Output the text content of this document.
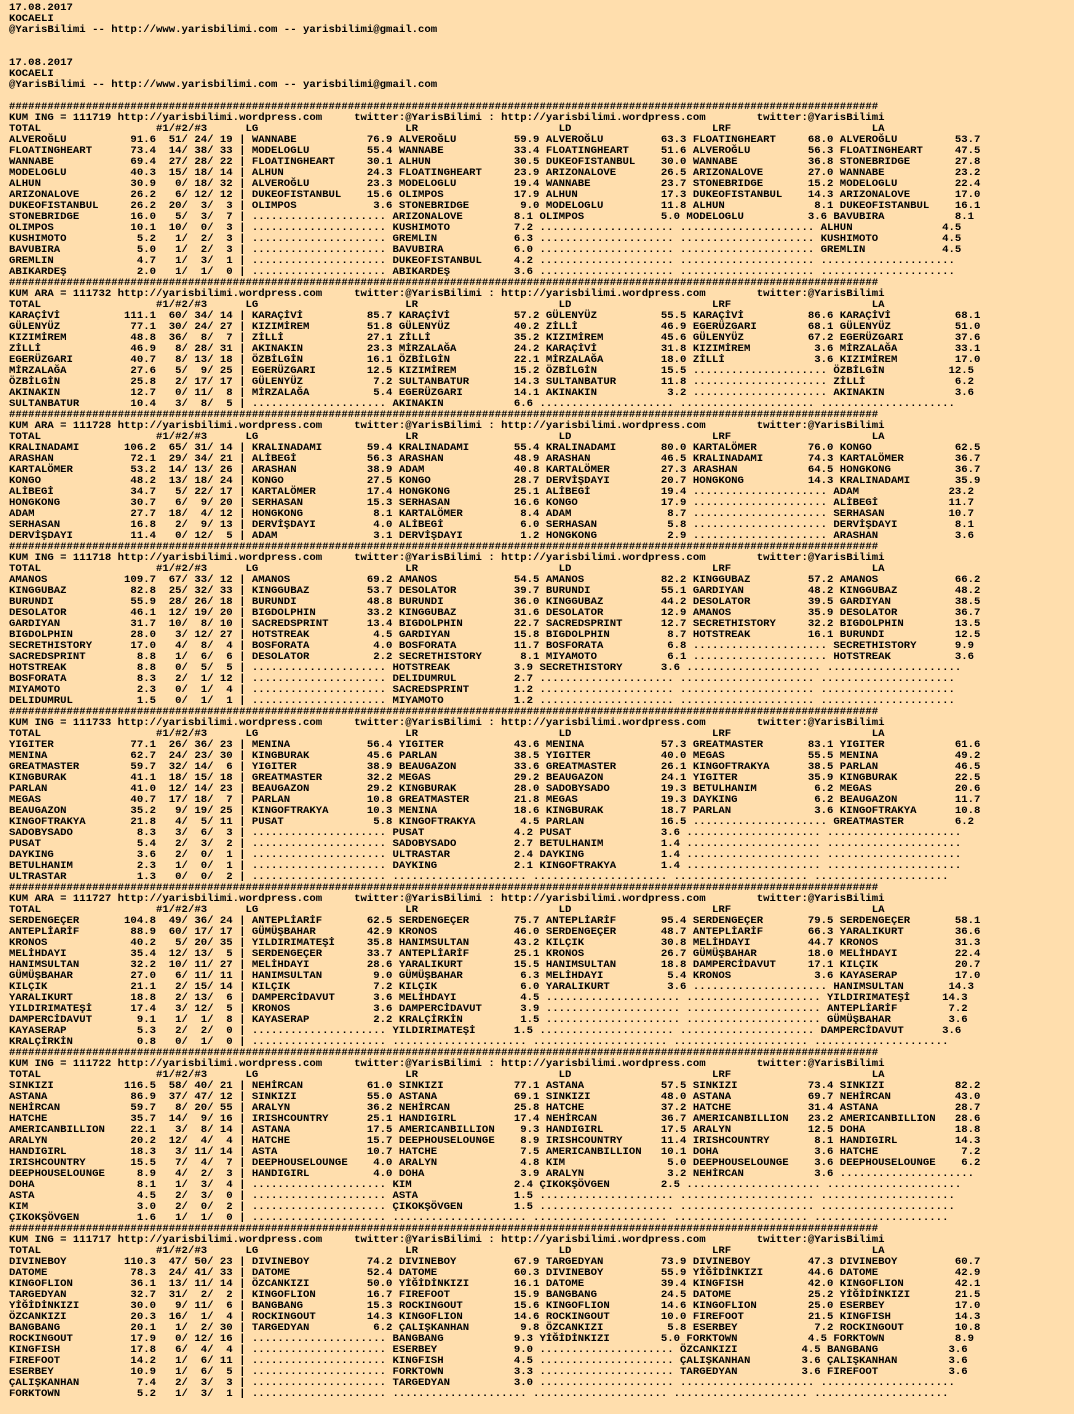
17.08.2017
KOCAELI
@YarisBilimi -- http://www.yarisbilimi.com -- yarisbilimi@gmail.com
17.08.2017
KOCAELI
@YarisBilimi -- http://www.yarisbilimi.com -- yarisbilimi@gmail.com
########################################################################################################################################
KUM ING = 111719 http://yarisbilimi.wordpress.com     twitter:@YarisBilimi : http://yarisbilimi.wordpress.com        twitter:@YarisBilimi
TOTAL                  #1/#2/#3      LG                       LR                      LD                      LRF                      LA
ALVEROĞLU          91.6  51/ 24/ 19 | WANNABE           76.9 ALVEROĞLU         59.9 ALVEROĞLU         63.3 FLOATINGHEART     68.0 ALVEROĞLU         53.7
FLOATINGHEART      73.4  14/ 38/ 33 | MODELOGLU         55.4 WANNABE           33.4 FLOATINGHEART     51.6 ALVEROĞLU         56.3 FLOATINGHEART     47.5
WANNABE            69.4  27/ 28/ 22 | FLOATINGHEART     30.1 ALHUN             30.5 DUKEOFISTANBUL    30.0 WANNABE           36.8 STONEBRIDGE       27.8
MODELOGLU          40.3  15/ 18/ 14 | ALHUN             24.3 FLOATINGHEART     23.9 ARIZONALOVE       26.5 ARIZONALOVE       27.0 WANNABE           23.2
ALHUN              30.9   0/ 18/ 32 | ALVEROĞLU         23.3 MODELOGLU         19.4 WANNABE           23.7 STONEBRIDGE       15.2 MODELOGLU         22.4
ARIZONALOVE        26.2   6/ 12/ 12 | DUKEOFISTANBUL    15.6 OLIMPOS           17.9 ALHUN             17.3 DUKEOFISTANBUL    14.3 ARIZONALOVE       17.0
DUKEOFISTANBUL     26.2  20/  3/  3 | OLIMPOS            3.6 STONEBRIDGE        9.0 MODELOGLU         11.8 ALHUN              8.1 DUKEOFISTANBUL    16.1
STONEBRIDGE        16.0   5/  3/  7 | ..................... ARIZONALOVE        8.1 OLIMPOS            5.0 MODELOGLU          3.6 BAVUBIRA           8.1
OLIMPOS            10.1  10/  0/  3 | ..................... KUSHIMOTO          7.2 ..................... ..................... ALHUN              4.5
KUSHIMOTO           5.2   1/  2/  3 | ..................... GREMLIN            6.3 ..................... ..................... KUSHIMOTO          4.5
BAVUBIRA            5.0   1/  2/  3 | ..................... BAVUBIRA           6.0 ..................... ..................... GREMLIN            4.5
GREMLIN             4.7   1/  3/  1 | ..................... DUKEOFISTANBUL     4.2 ..................... ..................... .....................
ABIKARDEŞ           2.0   1/  1/  0 | ..................... ABIKARDEŞ          3.6 ..................... ..................... .....................
########################################################################################################################################
KUM ARA = 111732 http://yarisbilimi.wordpress.com     twitter:@YarisBilimi : http://yarisbilimi.wordpress.com        twitter:@YarisBilimi
TOTAL                  #1/#2/#3      LG                       LR                      LD                      LRF                      LA
KARAÇİVİ          111.1  60/ 34/ 14 | KARAÇİVİ          85.7 KARAÇİVİ          57.2 GÜLENYÜZ          55.5 KARAÇİVİ          86.6 KARAÇİVİ          68.1
GÜLENYÜZ           77.1  30/ 24/ 27 | KIZIMİREM         51.8 GÜLENYÜZ          40.2 ZİLLİ             46.9 EGERÜZGARI        68.1 GÜLENYÜZ          51.0
KIZIMİREM          48.8  36/  8/  7 | ZİLLİ             27.1 ZİLLİ             35.2 KIZIMİREM         45.6 GÜLENYÜZ          67.2 EGERÜZGARI        37.6
ZİLLİ              46.9   8/ 28/ 31 | AKINAKIN          23.3 MİRZALAĞA         24.2 KARAÇİVİ          31.8 KIZIMİREM          3.6 MİRZALAĞA         33.1
EGERÜZGARI         40.7   8/ 13/ 18 | ÖZBİLGİN          16.1 ÖZBİLGİN          22.1 MİRZALAĞA         18.0 ZİLLİ              3.6 KIZIMİREM         17.0
MİRZALAĞA          27.6   5/  9/ 25 | EGERÜZGARI        12.5 KIZIMİREM         15.2 ÖZBİLGİN          15.5 ..................... ÖZBİLGİN          12.5
ÖZBİLGİN           25.8   2/ 17/ 17 | GÜLENYÜZ           7.2 SULTANBATUR       14.3 SULTANBATUR       11.8 ..................... ZİLLİ              6.2
AKINAKIN           12.7   0/ 11/  8 | MİRZALAĞA          5.4 EGERÜZGARI        14.1 AKINAKIN           3.2 ..................... AKINAKIN           3.6
SULTANBATUR        10.4   3/  8/  5 | ..................... AKINAKIN           6.6 ..................... ..................... .....................
########################################################################################################################################
KUM ARA = 111728 http://yarisbilimi.wordpress.com     twitter:@YarisBilimi : http://yarisbilimi.wordpress.com        twitter:@YarisBilimi
TOTAL                  #1/#2/#3      LG                       LR                      LD                      LRF                      LA
KRALINADAMI       106.2  65/ 31/ 14 | KRALINADAMI       59.4 KRALINADAMI       55.4 KRALINADAMI       80.0 KARTALÖMER        76.0 KONGO             62.5
ARASHAN            72.1  29/ 34/ 21 | ALİBEGİ           56.3 ARASHAN           48.9 ARASHAN           46.5 KRALINADAMI       74.3 KARTALÖMER        36.7
KARTALÖMER         53.2  14/ 13/ 26 | ARASHAN           38.9 ADAM              40.8 KARTALÖMER        27.3 ARASHAN           64.5 HONGKONG          36.7
KONGO              48.2  13/ 18/ 24 | KONGO             27.5 KONGO             28.7 DERVİŞDAYI        20.7 HONGKONG          14.3 KRALINADAMI       35.9
ALİBEGİ            34.7   5/ 22/ 17 | KARTALÖMER        17.4 HONGKONG          25.1 ALİBEGİ           19.4 ..................... ADAM              23.2
HONGKONG           30.7   6/  9/ 20 | SERHASAN          15.3 SERHASAN          16.6 KONGO             17.9 ..................... ALİBEGİ           11.7
ADAM               27.7  18/  4/ 12 | HONGKONG           8.1 KARTALÖMER         8.4 ADAM               8.7 ..................... SERHASAN          10.7
SERHASAN           16.8   2/  9/ 13 | DERVİŞDAYI         4.0 ALİBEGİ            6.0 SERHASAN           5.8 ..................... DERVİŞDAYI         8.1
DERVİŞDAYI         11.4   0/ 12/  5 | ADAM               3.1 DERVİŞDAYI         1.2 HONGKONG           2.9 ..................... ARASHAN            3.6
########################################################################################################################################
KUM ING = 111718 http://yarisbilimi.wordpress.com     twitter:@YarisBilimi : http://yarisbilimi.wordpress.com        twitter:@YarisBilimi
TOTAL                  #1/#2/#3      LG                       LR                      LD                      LRF                      LA
AMANOS            109.7  67/ 33/ 12 | AMANOS            69.2 AMANOS            54.5 AMANOS            82.2 KINGGUBAZ         57.2 AMANOS            66.2
KINGGUBAZ          82.8  25/ 32/ 33 | KINGGUBAZ         53.7 DESOLATOR         39.7 BURUNDI           55.1 GARDIYAN          48.2 KINGGUBAZ         48.2
BURUNDI            55.9  28/ 26/ 18 | BURUNDI           48.8 BURUNDI           36.0 KINGGUBAZ         44.2 DESOLATOR         39.5 GARDIYAN          38.5
DESOLATOR          46.1  12/ 19/ 20 | BIGDOLPHIN        33.2 KINGGUBAZ         31.6 DESOLATOR         12.9 AMANOS            35.9 DESOLATOR         36.7
GARDIYAN           31.7  10/  8/ 10 | SACREDSPRINT      13.4 BIGDOLPHIN        22.7 SACREDSPRINT      12.7 SECRETHISTORY     32.2 BIGDOLPHIN        13.5
BIGDOLPHIN         28.0   3/ 12/ 27 | HOTSTREAK          4.5 GARDIYAN          15.8 BIGDOLPHIN         8.7 HOTSTREAK         16.1 BURUNDI           12.5
SECRETHISTORY      17.0   4/  8/  4 | BOSFORATA          4.0 BOSFORATA         11.7 BOSFORATA          6.8 ..................... SECRETHISTORY      9.9
SACREDSPRINT        8.8   1/  6/  6 | DESOLATOR          2.2 SECRETHISTORY      8.1 MIYAMOTO           6.1 ..................... HOTSTREAK          3.6
HOTSTREAK           8.8   0/  5/  5 | ..................... HOTSTREAK          3.9 SECRETHISTORY      3.6 ..................... .....................
BOSFORATA           8.3   2/  1/ 12 | ..................... DELIDUMRUL         2.7 ..................... ..................... .....................
MIYAMOTO            2.3   0/  1/  4 | ..................... SACREDSPRINT       1.2 ..................... ..................... .....................
DELIDUMRUL          1.5   0/  1/  1 | ..................... MIYAMOTO           1.2 ..................... ..................... .....................
########################################################################################################################################
KUM ING = 111733 http://yarisbilimi.wordpress.com     twitter:@YarisBilimi : http://yarisbilimi.wordpress.com        twitter:@YarisBilimi
TOTAL                  #1/#2/#3      LG                       LR                      LD                      LRF                      LA
YIGITER            77.1  26/ 36/ 23 | MENINA            56.4 YIGITER           43.6 MENINA            57.3 GREATMASTER       83.1 YIGITER           61.6
MENINA             62.7  24/ 23/ 30 | KINGBURAK         45.6 PARLAN            38.5 YIGITER           40.0 MEGAS             55.5 MENINA            49.2
GREATMASTER        59.7  32/ 14/  6 | YIGITER           38.9 BEAUGAZON         33.6 GREATMASTER       26.1 KINGOFTRAKYA      38.5 PARLAN            46.5
KINGBURAK          41.1  18/ 15/ 18 | GREATMASTER       32.2 MEGAS             29.2 BEAUGAZON         24.1 YIGITER           35.9 KINGBURAK         22.5
PARLAN             41.0  12/ 14/ 23 | BEAUGAZON         29.2 KINGBURAK         28.0 SADOBYSADO        19.3 BETULHANIM         6.2 MEGAS             20.6
MEGAS              40.7  17/ 18/  7 | PARLAN            10.8 GREATMASTER       21.8 MEGAS             19.3 DAYKING            6.2 BEAUGAZON         11.7
BEAUGAZON          35.2   9/ 19/ 25 | KINGOFTRAKYA      10.3 MENINA            18.6 KINGBURAK         18.7 PARLAN             3.6 KINGOFTRAKYA      10.8
KINGOFTRAKYA       21.8   4/  5/ 11 | PUSAT              5.8 KINGOFTRAKYA       4.5 PARLAN            16.5 ..................... GREATMASTER        6.2
SADOBYSADO          8.3   3/  6/  3 | ..................... PUSAT              4.2 PUSAT              3.6 ..................... .....................
PUSAT               5.4   2/  3/  2 | ..................... SADOBYSADO         2.7 BETULHANIM         1.4 ..................... .....................
DAYKING             3.6   2/  0/  1 | ..................... ULTRASTAR          2.4 DAYKING            1.4 ..................... .....................
BETULHANIM          2.3   1/  0/  1 | ..................... DAYKING            2.1 KINGOFTRAKYA       1.4 ..................... .....................
ULTRASTAR           1.3   0/  0/  2 | ..................... ..................... ..................... ..................... .....................
########################################################################################################################################
KUM ARA = 111727 http://yarisbilimi.wordpress.com     twitter:@YarisBilimi : http://yarisbilimi.wordpress.com        twitter:@YarisBilimi
TOTAL                  #1/#2/#3      LG                       LR                      LD                      LRF                      LA
SERDENGEÇER       104.8  49/ 36/ 24 | ANTEPLİARİF       62.5 SERDENGEÇER       75.7 ANTEPLİARİF       95.4 SERDENGEÇER       79.5 SERDENGEÇER       58.1
ANTEPLİARİF        88.9  60/ 17/ 17 | GÜMÜŞBAHAR        42.9 KRONOS            46.0 SERDENGEÇER       48.7 ANTEPLİARİF       66.3 YARALIKURT        36.6
KRONOS             40.2   5/ 20/ 35 | YILDIRIMATEŞİ     35.8 HANIMSULTAN       43.2 KILÇIK            30.8 MELİHDAYI         44.7 KRONOS            31.3
MELİHDAYI          35.4  12/ 13/  5 | SERDENGEÇER       33.7 ANTEPLİARİF       25.1 KRONOS            26.7 GÜMÜŞBAHAR        18.0 MELİHDAYI         22.4
HANIMSULTAN        32.2  10/ 11/ 27 | MELİHDAYI         28.6 YARALIKURT        15.5 HANIMSULTAN       18.8 DAMPERCİDAVUT     17.1 KILÇIK            20.7
GÜMÜŞBAHAR         27.0   6/ 11/ 11 | HANIMSULTAN        9.0 GÜMÜŞBAHAR         6.3 MELİHDAYI          5.4 KRONOS             3.6 KAYASERAP         17.0
KILÇIK             21.1   2/ 15/ 14 | KILÇIK             7.2 KILÇIK             6.0 YARALIKURT         3.6 ..................... HANIMSULTAN       14.3
YARALIKURT         18.8   2/ 13/  6 | DAMPERCİDAVUT      3.6 MELİHDAYI          4.5 ..................... ..................... YILDIRIMATEŞİ     14.3
YILDIRIMATEŞİ      17.4   3/ 12/  5 | KRONOS             3.6 DAMPERCİDAVUT      3.9 ..................... ..................... ANTEPLİARİF        7.2
DAMPERCİDAVUT       9.1   1/  1/  8 | KAYASERAP          2.2 KRALÇİRKİN         1.5 ..................... ..................... GÜMÜŞBAHAR         3.6
KAYASERAP           5.3   2/  2/  0 | ..................... YILDIRIMATEŞİ      1.5 ..................... ..................... DAMPERCİDAVUT      3.6
KRALÇİRKİN          0.8   0/  1/  0 | ..................... ..................... ..................... ..................... .....................
########################################################################################################################################
KUM ING = 111722 http://yarisbilimi.wordpress.com     twitter:@YarisBilimi : http://yarisbilimi.wordpress.com        twitter:@YarisBilimi
TOTAL                  #1/#2/#3      LG                       LR                      LD                      LRF                      LA
SINKIZI           116.5  58/ 40/ 21 | NEHİRCAN          61.0 SINKIZI           77.1 ASTANA            57.5 SINKIZI           73.4 SINKIZI           82.2
ASTANA             86.9  37/ 47/ 12 | SINKIZI           55.0 ASTANA            69.1 SINKIZI           48.0 ASTANA            69.7 NEHİRCAN          43.0
NEHİRCAN           59.7   8/ 20/ 55 | ARALYN            36.2 NEHİRCAN          25.8 HATCHE            37.2 HATCHE            31.4 ASTANA            28.7
HATCHE             35.7  14/  9/ 16 | IRISHCOUNTRY      25.1 HANDIGIRL         17.4 NEHİRCAN          36.7 AMERICANBILLION   23.2 AMERICANBILLION   28.6
AMERICANBILLION    22.1   3/  8/ 14 | ASTANA            17.5 AMERICANBILLION    9.3 HANDIGIRL         17.5 ARALYN            12.5 DOHA              18.8
ARALYN             20.2  12/  4/  4 | HATCHE            15.7 DEEPHOUSELOUNGE    8.9 IRISHCOUNTRY      11.4 IRISHCOUNTRY       8.1 HANDIGIRL         14.3
HANDIGIRL          18.3   3/ 11/ 14 | ASTA              10.7 HATCHE             7.5 AMERICANBILLION   10.1 DOHA               3.6 HATCHE             7.2
IRISHCOUNTRY       15.5   7/  4/  7 | DEEPHOUSELOUNGE    4.0 ARALYN             4.8 KIM                5.0 DEEPHOUSELOUNGE    3.6 DEEPHOUSELOUNGE    6.2
DEEPHOUSELOUNGE     8.9   4/  2/  3 | HANDIGIRL          4.0 DOHA               3.9 ARALYN             3.2 NEHİRCAN           3.6 .....................
DOHA                8.1   1/  3/  4 | ..................... KIM                2.4 ÇIKOKŞÖVGEN        2.5 ..................... .....................
ASTA                4.5   2/  3/  0 | ..................... ASTA               1.5 ..................... ..................... .....................
KIM                 3.0   2/  0/  2 | ..................... ÇIKOKŞÖVGEN        1.5 ..................... ..................... .....................
ÇIKOKŞÖVGEN         1.6   1/  1/  0 | ..................... ..................... ..................... ..................... .....................
########################################################################################################################################
KUM ING = 111717 http://yarisbilimi.wordpress.com     twitter:@YarisBilimi : http://yarisbilimi.wordpress.com        twitter:@YarisBilimi
TOTAL                  #1/#2/#3      LG                       LR                      LD                      LRF                      LA
DIVINEBOY         110.3  47/ 50/ 23 | DIVINEBOY         74.2 DIVINEBOY         67.9 TARGEDYAN         73.9 DIVINEBOY         47.3 DIVINEBOY         60.7
DATOME             78.3  24/ 41/ 33 | DATOME            52.4 DATOME            60.3 DIVINEBOY         55.9 YİĞİDİNKIZI       44.6 DATOME            42.9
KINGOFLION         36.1  13/ 11/ 14 | ÖZCANKIZI         50.0 YİĞİDİNKIZI       16.1 DATOME            39.4 KINGFISH          42.0 KINGOFLION        42.1
TARGEDYAN          32.7  31/  2/  2 | KINGOFLION        16.7 FIREFOOT          15.9 BANGBANG          24.5 DATOME            25.2 YİĞİDİNKIZI       21.5
YİĞİDİNKIZI        30.0   9/ 11/  6 | BANGBANG          15.3 ROCKINGOUT        15.6 KINGOFLION        14.6 KINGOFLION        25.0 ESERBEY           17.0
ÖZCANKIZI          20.3  16/  1/  4 | ROCKINGOUT        14.3 KINGOFLION        14.6 ROCKINGOUT        10.0 FIREFOOT          21.5 KINGFISH          14.3
BANGBANG           20.1   1/  2/ 30 | TARGEDYAN          6.2 ÇALIŞKANHAN        9.8 ÖZCANKIZI          5.8 ESERBEY            7.2 ROCKINGOUT        10.8
ROCKINGOUT         17.9   0/ 12/ 16 | ..................... BANGBANG           9.3 YİĞİDİNKIZI        5.0 FORKTOWN           4.5 FORKTOWN           8.9
KINGFISH           17.8   6/  4/  4 | ..................... ESERBEY            9.0 ..................... ÖZCANKIZI          4.5 BANGBANG           3.6
FIREFOOT           14.2   1/  6/ 11 | ..................... KINGFISH           4.5 ..................... ÇALIŞKANHAN        3.6 ÇALIŞKANHAN        3.6
ESERBEY            10.9   1/  6/  5 | ..................... FORKTOWN           3.3 ..................... TARGEDYAN          3.6 FIREFOOT           3.6
ÇALIŞKANHAN         7.4   2/  3/  3 | ..................... TARGEDYAN          3.0 ..................... ..................... .....................
FORKTOWN            5.2   1/  3/  1 | ..................... ..................... ..................... ..................... .....................
